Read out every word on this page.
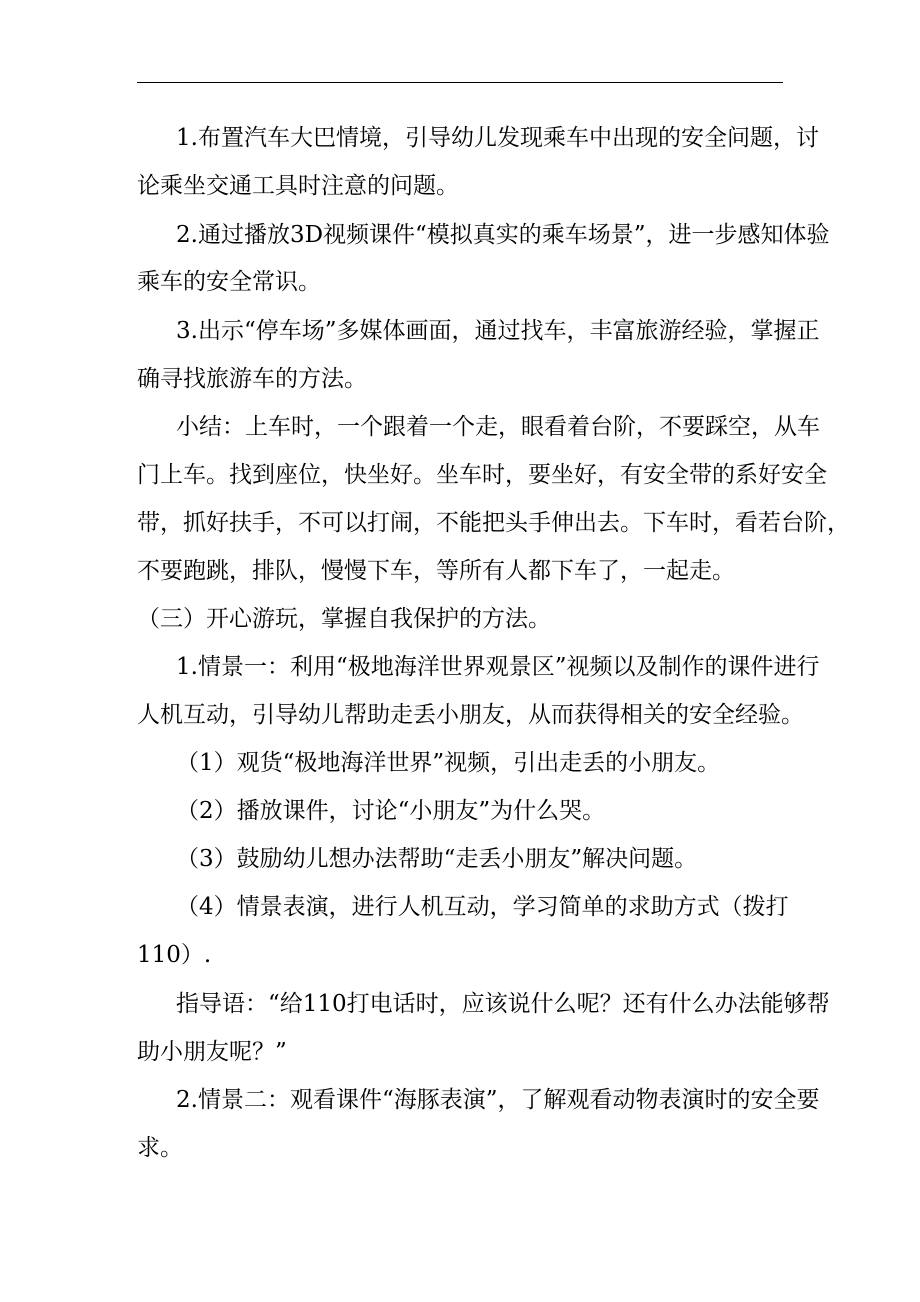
1.布置汽车大巴情境，引导幼儿发现乘车中出现的安全问题，讨

论乘坐交通工具时注意的问题。

2.通过播放3D视频课件“模拟真实的乘车场景”，进一步感知体验

乘车的安全常识。

3.出示“停车场”多媒体画面，通过找车，丰富旅游经验，掌握正

确寻找旅游车的方法。

小结：上车时，一个跟着一个走，眼看着台阶，不要踩空，从车

门上车。找到座位，快坐好。坐车时，要坐好，有安全带的系好安全

带，抓好扶手，不可以打闹，不能把头手伸出去。下车时，看若台阶，

不要跑跳，排队，慢慢下车，等所有人都下车了，一起走。

（三）开心游玩，掌握自我保护的方法。

1.情景一：利用“极地海洋世界观景区”视频以及制作的课件进行

人机互动，引导幼儿帮助走丢小朋友，从而获得相关的安全经验。

（1）观货“极地海洋世界”视频，引出走丢的小朋友。

（2）播放课件，讨论“小朋友”为什么哭。

（3）鼓励幼儿想办法帮助“走丢小朋友”解决问题。

（4）情景表演，进行人机互动，学习简单的求助方式（拨打

110）.

指导语：“给110打电话时，应该说什么呢？还有什么办法能够帮

助小朋友呢？”

2.情景二：观看课件“海豚表演”，了解观看动物表演时的安全要

求。
